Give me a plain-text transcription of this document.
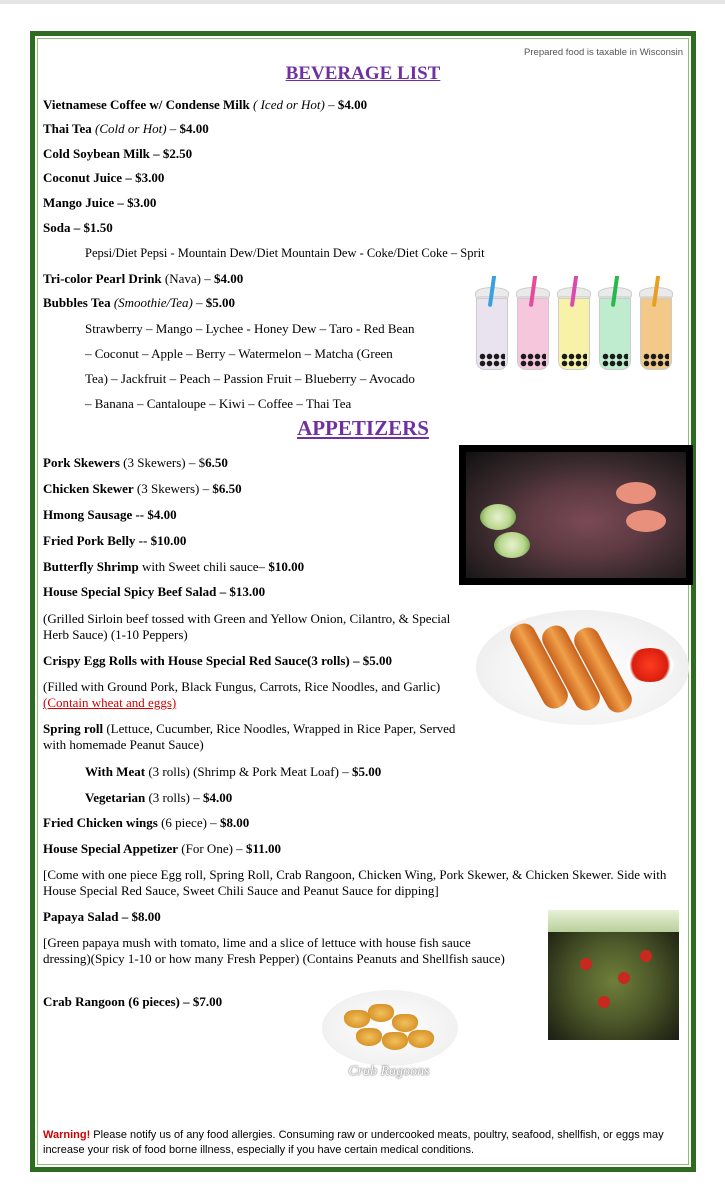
Prepared food is taxable in Wisconsin
BEVERAGE LIST
Vietnamese Coffee w/ Condense Milk ( Iced or Hot) – $4.00
Thai Tea (Cold or Hot) – $4.00
Cold Soybean Milk – $2.50
Coconut Juice – $3.00
Mango Juice – $3.00
Soda – $1.50
Pepsi/Diet Pepsi - Mountain Dew/Diet Mountain Dew - Coke/Diet Coke – Sprit
Tri-color Pearl Drink (Nava) – $4.00
Bubbles Tea (Smoothie/Tea) – $5.00
Strawberry – Mango – Lychee - Honey Dew – Taro - Red Bean
– Coconut – Apple – Berry – Watermelon – Matcha (Green
Tea) – Jackfruit – Peach – Passion Fruit – Blueberry – Avocado
– Banana – Cantaloupe – Kiwi – Coffee – Thai Tea
APPETIZERS
Pork Skewers (3 Skewers) – $6.50
Chicken Skewer (3 Skewers) – $6.50
Hmong Sausage -- $4.00
Fried Pork Belly -- $10.00
Butterfly Shrimp with Sweet chili sauce– $10.00
House Special Spicy Beef Salad – $13.00
(Grilled Sirloin beef tossed with Green and Yellow Onion, Cilantro, & Special Herb Sauce) (1-10 Peppers)
Crispy Egg Rolls with House Special Red Sauce(3 rolls) – $5.00
(Filled with Ground Pork, Black Fungus, Carrots, Rice Noodles, and Garlic)(Contain wheat and eggs)
Spring roll (Lettuce, Cucumber, Rice Noodles, Wrapped in Rice Paper, Served with homemade Peanut Sauce)
With Meat (3 rolls) (Shrimp & Pork Meat Loaf) – $5.00
Vegetarian (3 rolls) – $4.00
Fried Chicken wings (6 piece) – $8.00
House Special Appetizer (For One) – $11.00
[Come with one piece Egg roll, Spring Roll, Crab Rangoon, Chicken Wing, Pork Skewer, & Chicken Skewer. Side with House Special Red Sauce, Sweet Chili Sauce and Peanut Sauce for dipping]
Papaya Salad – $8.00
[Green papaya mush with tomato, lime and a slice of lettuce with house fish sauce dressing)(Spicy 1-10 or how many Fresh Pepper) (Contains Peanuts and Shellfish sauce)
Crab Rangoon (6 pieces) – $7.00
Crab Ragoons
Warning! Please notify us of any food allergies. Consuming raw or undercooked meats, poultry, seafood, shellfish, or eggs may increase your risk of food borne illness, especially if you have certain medical conditions.
